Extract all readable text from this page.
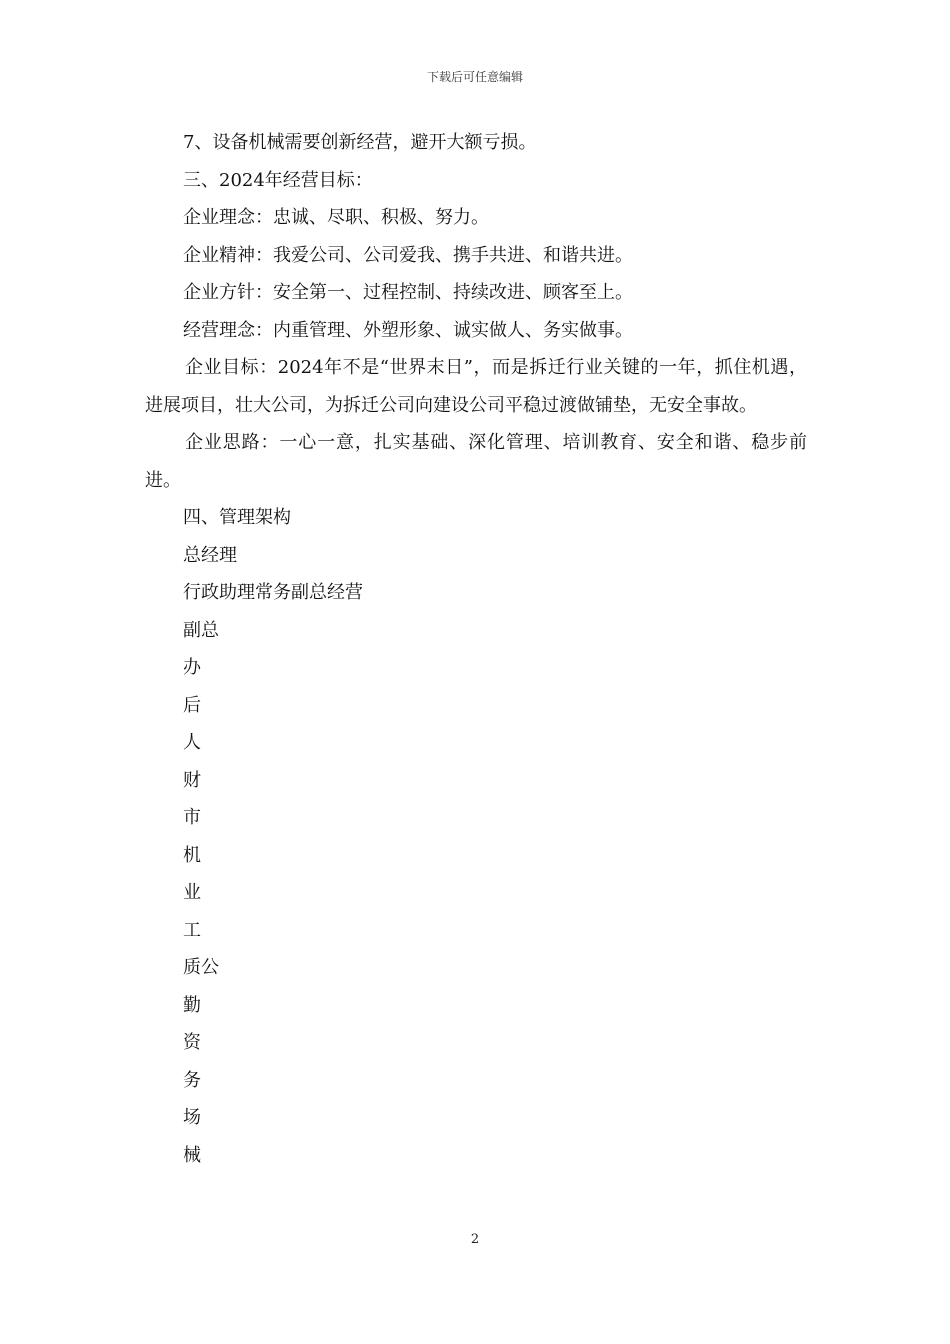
下载后可任意编辑
7、设备机械需要创新经营，避开大额亏损。
三、2024年经营目标：
企业理念：忠诚、尽职、积极、努力。
企业精神：我爱公司、公司爱我、携手共进、和谐共进。
企业方针：安全第一、过程控制、持续改进、顾客至上。
经营理念：内重管理、外塑形象、诚实做人、务实做事。

企业目标：2024年不是“世界末日”，而是拆迁行业关键的一年，抓住机遇，进展项目，壮大公司，为拆迁公司向建设公司平稳过渡做铺垫，无安全事故。

企业思路：一心一意，扎实基础、深化管理、培训教育、安全和谐、稳步前进。

四、管理架构
总经理
行政助理常务副总经营
副总
办
后
人
财
市
机
业
工
质公
勤
资
务
场
械
2
